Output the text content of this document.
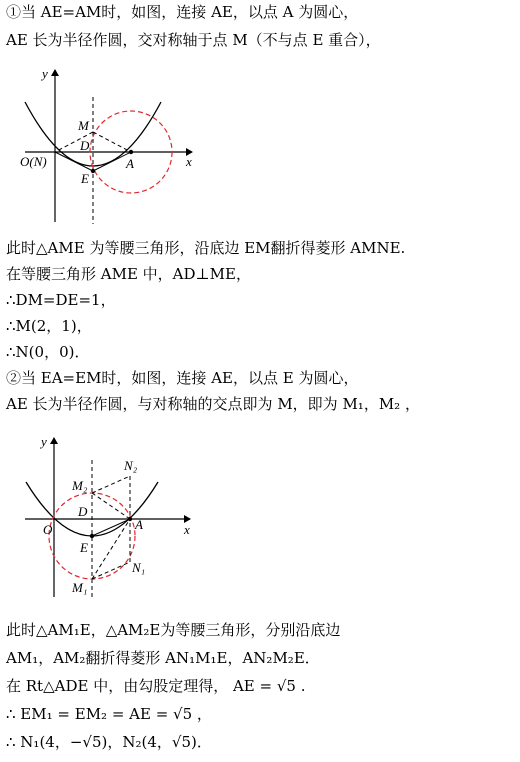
①当 AE=AM时，如图，连接 AE，以点 A 为圆心，
AE 长为半径作圆，交对称轴于点 M（不与点 E 重合），
y
x
O(N)
M
D
A
E
此时△AME 为等腰三角形，沿底边 EM翻折得菱形 AMNE.
在等腰三角形 AME 中，AD⊥ME，
∴DM=DE=1，
∴M(2，1)，
∴N(0，0)．
②当 EA=EM时，如图，连接 AE，以点 E 为圆心，
AE 长为半径作圆，与对称轴的交点即为 M，即为 M₁，M₂ ，
y
x
O
M₂
N₂
D
A
E
N₁
M₁
此时△AM₁E，△AM₂E为等腰三角形，分别沿底边
AM₁，AM₂翻折得菱形 AN₁M₁E，AN₂M₂E．
在 Rt△ADE 中，由勾股定理得， AE = √5 .
∴ EM₁ = EM₂ = AE = √5 ，
∴ N₁(4，−√5)，N₂(4，√5)．
